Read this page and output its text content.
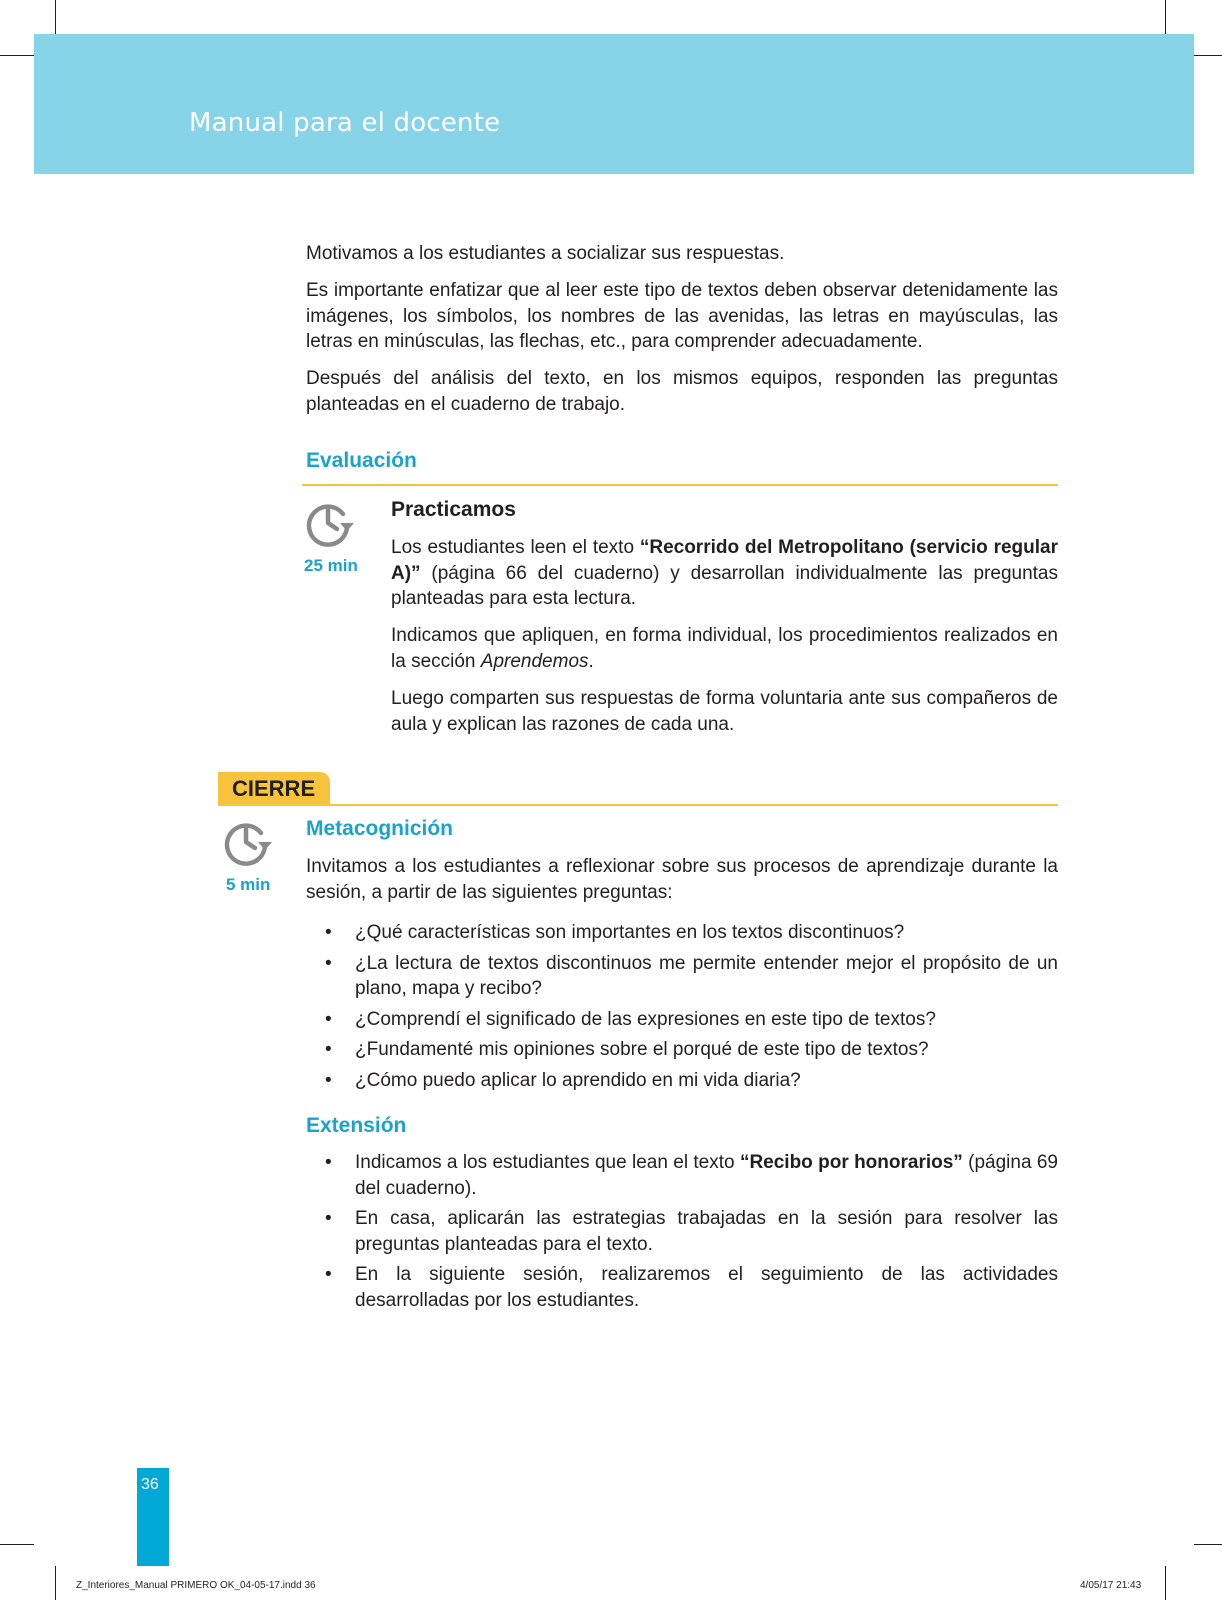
Manual para el docente

Motivamos a los estudiantes a socializar sus respuestas.

Es importante enfatizar que al leer este tipo de textos deben observar detenidamente las imágenes, los símbolos, los nombres de las avenidas, las letras en mayúsculas, las letras en minúsculas, las flechas, etc., para comprender adecuadamente.

Después del análisis del texto, en los mismos equipos, responden las preguntas planteadas en el cuaderno de trabajo.

Evaluación
25 min
Practicamos

Los estudiantes leen el texto “Recorrido del Metropolitano (servicio regular A)” (página 66 del cuaderno) y desarrollan individualmente las preguntas planteadas para esta lectura.

Indicamos que apliquen, en forma individual, los procedimientos realizados en la sección Aprendemos.

Luego comparten sus respuestas de forma voluntaria ante sus compañeros de aula y explican las razones de cada una.

CIERRE
5 min
Metacognición

Invitamos a los estudiantes a reflexionar sobre sus procesos de aprendizaje durante la sesión, a partir de las siguientes preguntas:

• ¿Qué características son importantes en los textos discontinuos?
• ¿La lectura de textos discontinuos me permite entender mejor el propósito de un plano, mapa y recibo?
• ¿Comprendí el significado de las expresiones en este tipo de textos?
• ¿Fundamenté mis opiniones sobre el porqué de este tipo de textos?
• ¿Cómo puedo aplicar lo aprendido en mi vida diaria?
Extensión
• Indicamos a los estudiantes que lean el texto “Recibo por honorarios” (página 69 del cuaderno).
• En casa, aplicarán las estrategias trabajadas en la sesión para resolver las preguntas planteadas para el texto.
• En la siguiente sesión, realizaremos el seguimiento de las actividades desarrolladas por los estudiantes.
36
Z_Interiores_Manual PRIMERO OK_04-05-17.indd 36	4/05/17 21:43
